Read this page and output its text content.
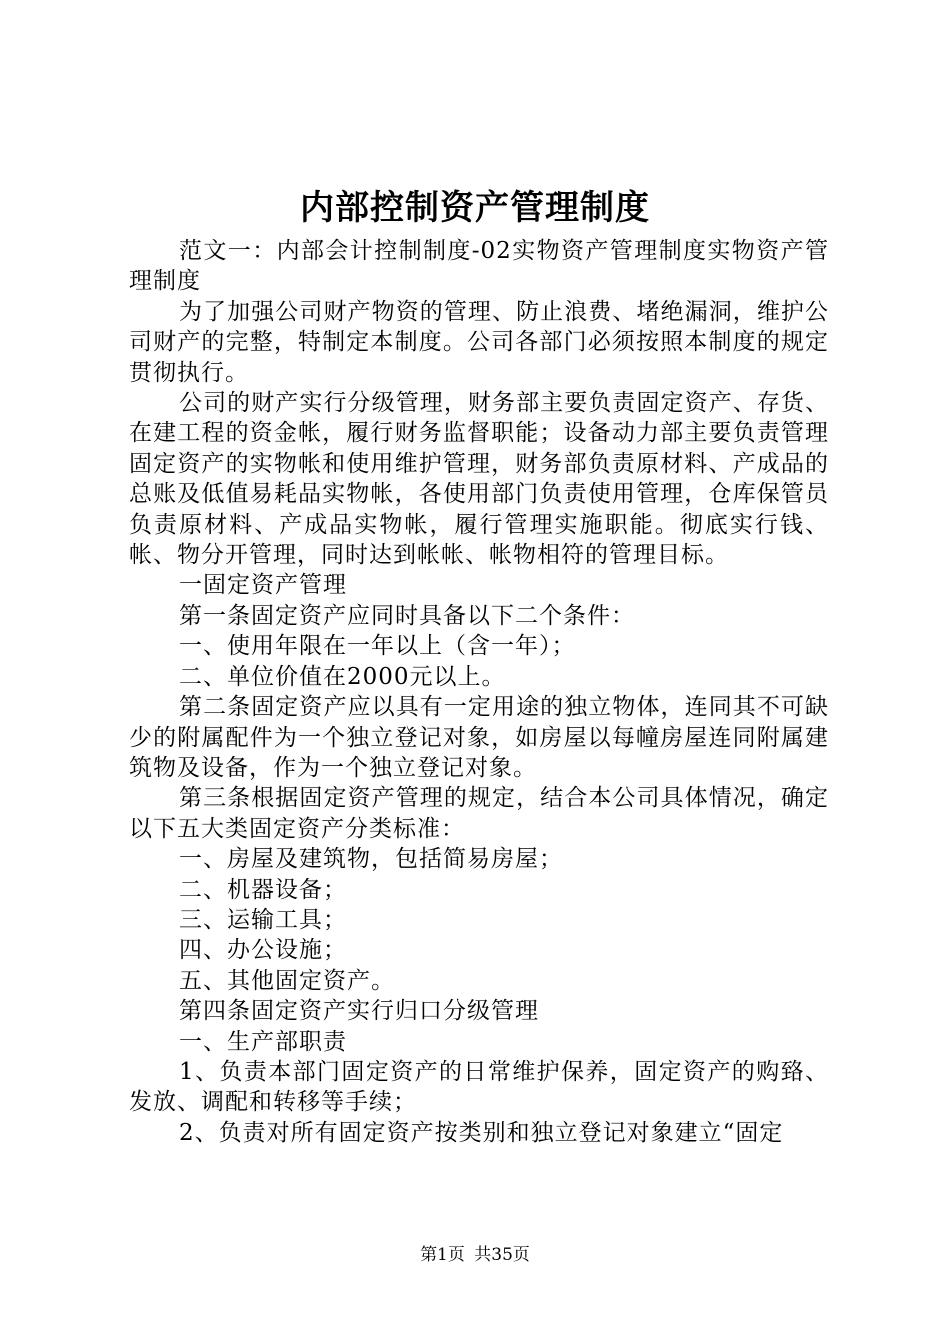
内部控制资产管理制度

范文一：内部会计控制制度-02实物资产管理制度实物资产管理制度

为了加强公司财产物资的管理、防止浪费、堵绝漏洞，维护公司财产的完整，特制定本制度。公司各部门必须按照本制度的规定贯彻执行。

公司的财产实行分级管理，财务部主要负责固定资产、存货、在建工程的资金帐，履行财务监督职能；设备动力部主要负责管理固定资产的实物帐和使用维护管理，财务部负责原材料、产成品的总账及低值易耗品实物帐，各使用部门负责使用管理，仓库保管员负责原材料、产成品实物帐，履行管理实施职能。彻底实行钱、帐、物分开管理，同时达到帐帐、帐物相符的管理目标。

一固定资产管理

第一条固定资产应同时具备以下二个条件：

一、使用年限在一年以上（含一年）；

二、单位价值在2000元以上。

第二条固定资产应以具有一定用途的独立物体，连同其不可缺少的附属配件为一个独立登记对象，如房屋以每幢房屋连同附属建筑物及设备，作为一个独立登记对象。

第三条根据固定资产管理的规定，结合本公司具体情况，确定以下五大类固定资产分类标准：

一、房屋及建筑物，包括简易房屋；

二、机器设备；

三、运输工具；

四、办公设施；

五、其他固定资产。

第四条固定资产实行归口分级管理

一、生产部职责

1、负责本部门固定资产的日常维护保养，固定资产的购臵、发放、调配和转移等手续；

2、负责对所有固定资产按类别和独立登记对象建立“固定

第1页 共35页
